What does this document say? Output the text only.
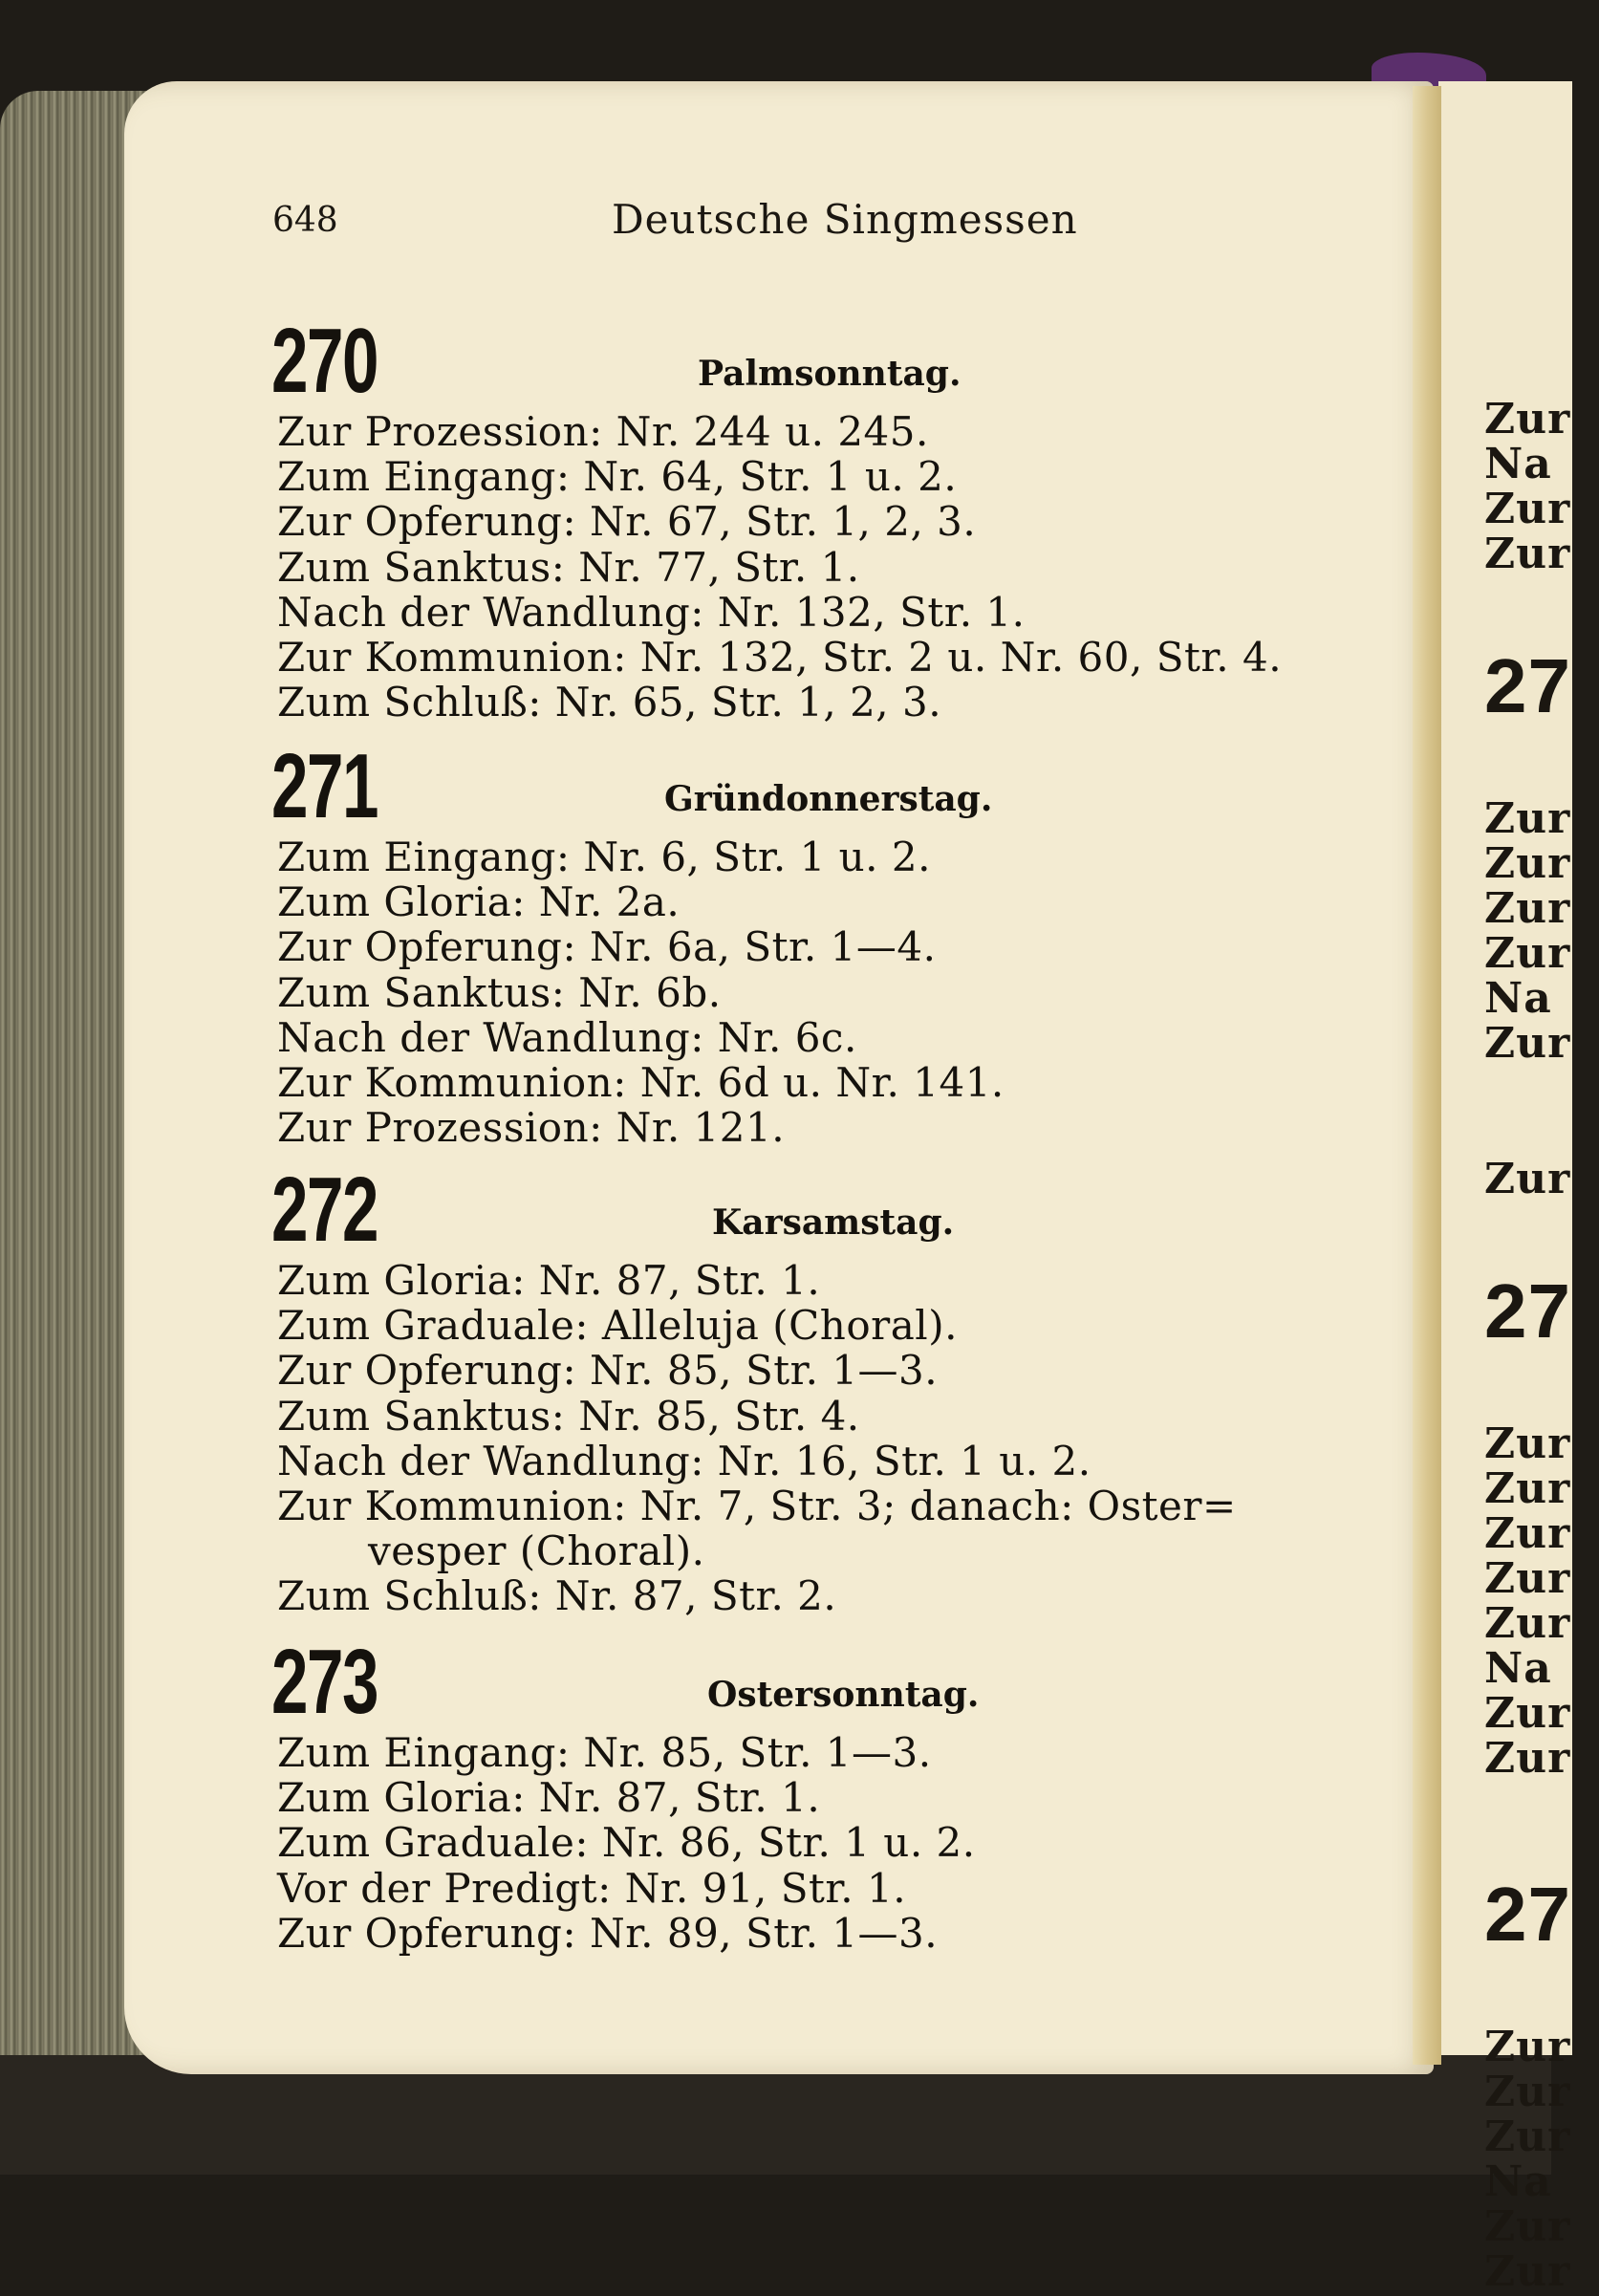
Zur
Na
Zur
Zur
27
Zur
Zur
Zur
Zur
Na
Zur
Zur
27
Zur
Zur
Zur
Zur
Zur
Na
Zur
Zur
27
Zur
Zur
Zur
Na
Zur
Zur
648	Deutsche Singmessen
270	Palmsonntag.
Zur Prozession: Nr. 244 u. 245.
Zum Eingang: Nr. 64, Str. 1 u. 2.
Zur Opferung: Nr. 67, Str. 1, 2, 3.
Zum Sanktus: Nr. 77, Str. 1.
Nach der Wandlung: Nr. 132, Str. 1.
Zur Kommunion: Nr. 132, Str. 2 u. Nr. 60, Str. 4.
Zum Schluß: Nr. 65, Str. 1, 2, 3.
271	Gründonnerstag.
Zum Eingang: Nr. 6, Str. 1 u. 2.
Zum Gloria: Nr. 2a.
Zur Opferung: Nr. 6a, Str. 1—4.
Zum Sanktus: Nr. 6b.
Nach der Wandlung: Nr. 6c.
Zur Kommunion: Nr. 6d u. Nr. 141.
Zur Prozession: Nr. 121.
272	Karsamstag.
Zum Gloria: Nr. 87, Str. 1.
Zum Graduale: Alleluja (Choral).
Zur Opferung: Nr. 85, Str. 1—3.
Zum Sanktus: Nr. 85, Str. 4.
Nach der Wandlung: Nr. 16, Str. 1 u. 2.
Zur Kommunion: Nr. 7, Str. 3; danach: Oster=
vesper (Choral).
Zum Schluß: Nr. 87, Str. 2.
273	Ostersonntag.
Zum Eingang: Nr. 85, Str. 1—3.
Zum Gloria: Nr. 87, Str. 1.
Zum Graduale: Nr. 86, Str. 1 u. 2.
Vor der Predigt: Nr. 91, Str. 1.
Zur Opferung: Nr. 89, Str. 1—3.
